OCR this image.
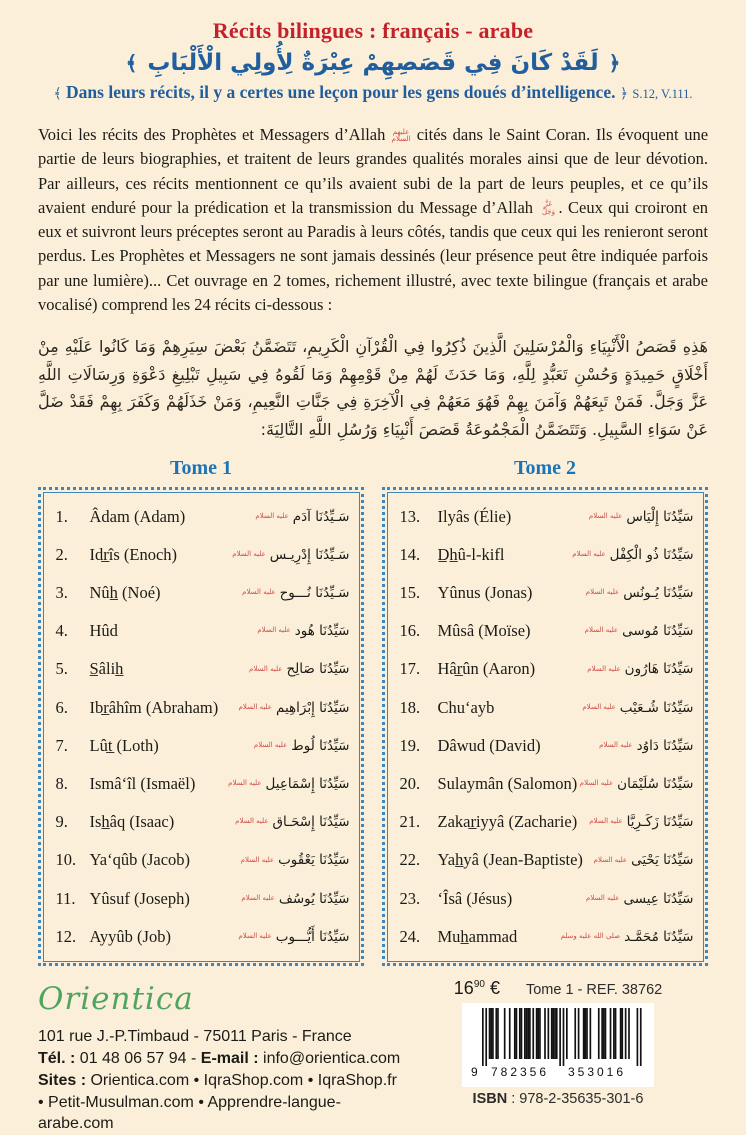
Récits bilingues : français - arabe
﴾ لَقَدْ كَانَ فِي قَصَصِهِمْ عِبْرَةٌ لِأُولِي الْأَلْبَابِ ﴿
﴾ Dans leurs récits, il y a certes une leçon pour les gens doués d’intelligence. ﴿ S.12, V.111.
Voici les récits des Prophètes et Messagers d’Allah عليهم السلام cités dans le Saint Coran. Ils évoquent une partie de leurs biographies, et traitent de leurs grandes qualités morales ainsi que de leur dévotion. Par ailleurs, ces récits mentionnent ce qu’ils avaient subi de la part de leurs peuples, et ce qu’ils avaient enduré pour la prédication et la transmission du Message d’Allah عَزَّ وَجَلَّ . Ceux qui croiront en eux et suivront leurs préceptes seront au Paradis à leurs côtés, tandis que ceux qui les renieront seront perdus. Les Prophètes et Messagers ne sont jamais dessinés (leur présence peut être indiquée parfois par une lumière)... Cet ouvrage en 2 tomes, richement illustré, avec texte bilingue (français et arabe vocalisé) comprend les 24 récits ci-dessous :
هَذِهِ قَصَصُ الْأَنْبِيَاءِ وَالْمُرْسَلِينَ الَّذِينَ ذُكِرُوا فِي الْقُرْآنِ الْكَرِيمِ، تَتَضَمَّنُ بَعْضَ سِيَرِهِمْ وَمَا كَانُوا عَلَيْهِ مِنْ أَخْلَاقٍ حَمِيدَةٍ وَحُسْنِ تَعَبُّدٍ لِلَّهِ، وَمَا حَدَثَ لَهُمْ مِنْ قَوْمِهِمْ وَمَا لَقُوهُ فِي سَبِيلِ تَبْلِيغِ دَعْوَةِ وَرِسَالَاتِ اللَّهِ عَزَّ وَجَلَّ. فَمَنْ تَبِعَهُمْ وَآمَنَ بِهِمْ فَهُوَ مَعَهُمْ فِي الْآخِرَةِ فِي جَنَّاتِ النَّعِيمِ، وَمَنْ خَذَلَهُمْ وَكَفَرَ بِهِمْ فَقَدْ ضَلَّ عَنْ سَوَاءِ السَّبِيلِ. وَتَتَضَمَّنُ الْمَجْمُوعَةُ قَصَصَ أَنْبِيَاءِ وَرُسُلِ اللَّهِ التَّالِيَةَ:
Tome 1
1.	Âdam (Adam)	سَـيِّدُنَا آدَم
عليه السلام
2.	Idr̲îs (Enoch)	سَـيِّدُنَا إِدْرِيـس
عليه السلام
3.	Nûh̲ (Noé)	سَـيِّدُنَا نُـــوح
عليه السلام
4.	Hûd	سَيِّدُنَا هُود
عليه السلام
5.	S̲âlih̲	سَيِّدُنَا صَالِح
عليه السلام
6.	Ibr̲âhîm (Abraham)	سَيِّدُنَا إِبْرَاهِيم
عليه السلام
7.	Lût̲ (Loth)	سَيِّدُنَا لُوط
عليه السلام
8.	Ismâ‘îl (Ismaël)	سَيِّدُنَا إِسْمَاعِيل
عليه السلام
9.	Ish̲âq (Isaac)	سَيِّدُنَا إِسْحَـاق
عليه السلام
10. Ya‘qûb (Jacob)	سَيِّدُنَا يَعْقُوب
عليه السلام
11. Yûsuf (Joseph)	سَيِّدُنَا يُوسُف
عليه السلام
12. Ayyûb (Job)	سَيِّدُنَا أَيُّـــوب
عليه السلام
Tome 2
13.	Ilyâs (Élie)	سَيِّدُنَا إِلْيَاس
عليه السلام
14.	D̲h̲û-l-kifl	سَيِّدُنَا ذُو الْكِفْل
عليه السلام
15.	Yûnus (Jonas)	سَيِّدُنَا يُـونُس
عليه السلام
16.	Mûsâ (Moïse)	سَيِّدُنَا مُوسى
عليه السلام
17.	Hâr̲ûn (Aaron)	سَيِّدُنَا هَارُون
عليه السلام
18.	Chu‘ayb	سَيِّدُنَا شُـعَيْب
عليه السلام
19.	Dâwud (David)	سَيِّدُنَا دَاوُد
عليه السلام
20.	Sulaymân (Salomon)	سَيِّدُنَا سُلَيْمَان
عليه السلام
21.	Zakar̲iyyâ (Zacharie)	سَيِّدُنَا زَكَـرِيَّا
عليه السلام
22.	Yah̲yâ (Jean-Baptiste)	سَيِّدُنَا يَحْيَى
عليه السلام
23.	‘Îsâ (Jésus)	سَيِّدُنَا عِيسى
عليه السلام
24.	Muh̲ammad	سَيِّدُنَا مُحَمَّـد
صلى الله عليه وسلم
Orientica
101 rue J.-P.Timbaud - 75011 Paris - France
Tél. : 01 48 06 57 94 - E-mail : info@orientica.com
Sites : Orientica.com • IqraShop.com • IqraShop.fr
• Petit-Musulman.com • Apprendre-langue-arabe.com
$16^{90}$ € Tome 1 - REF. 38762
9 782356 353016
ISBN : 978-2-35635-301-6
